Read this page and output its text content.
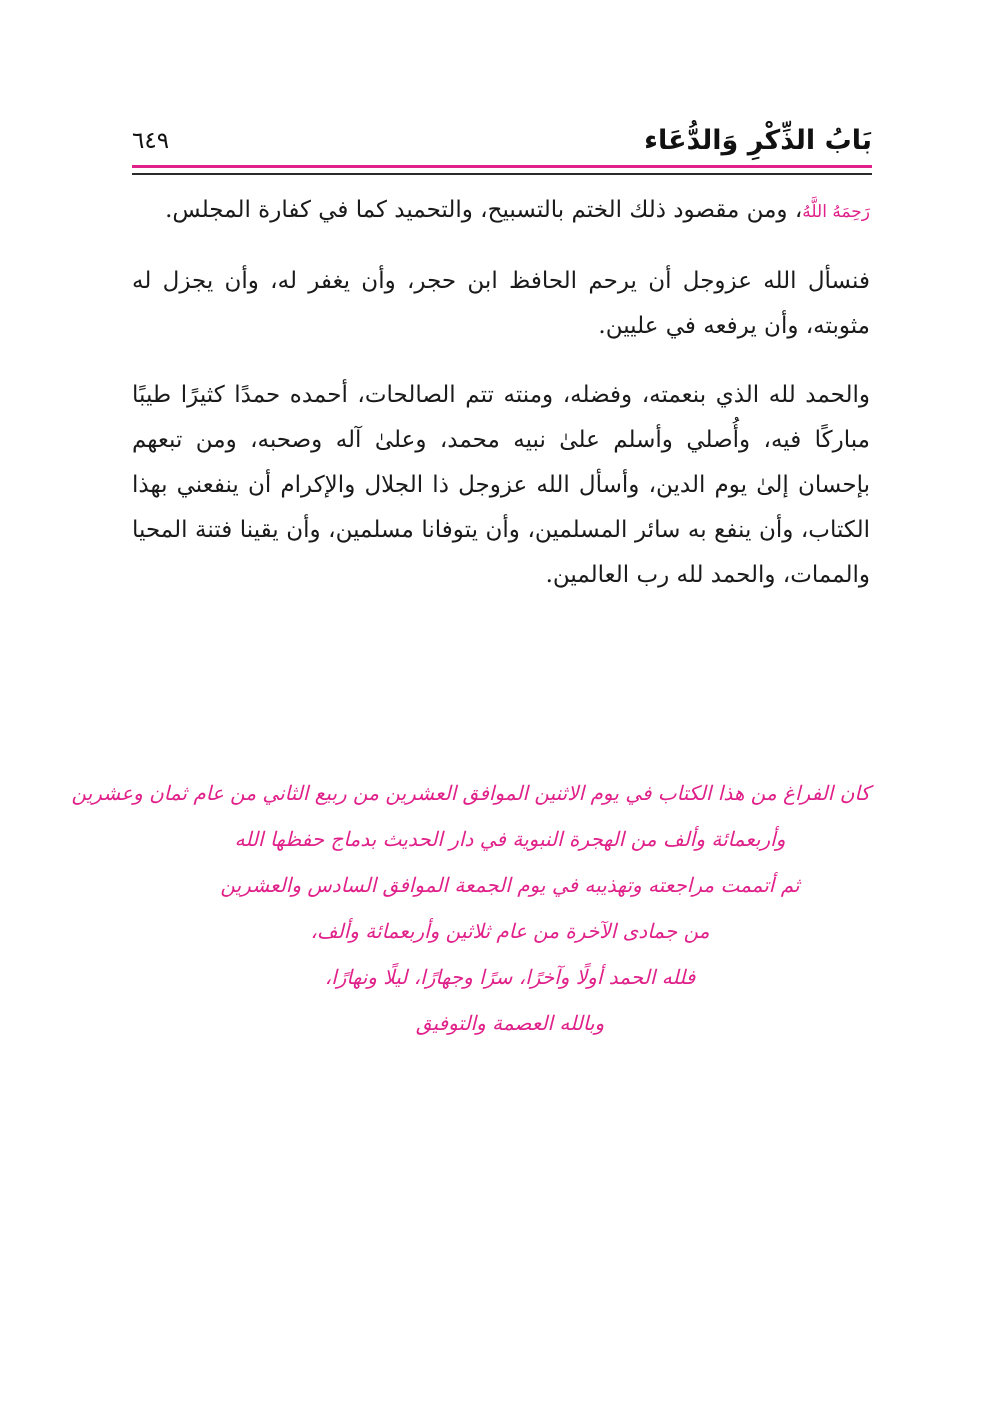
بَابُ الذِّكْرِ وَالدُّعَاء
٦٤٩

رَحِمَهُ اللَّهُ، ومن مقصود ذلك الختم بالتسبيح، والتحميد كما في كفارة المجلس.

فنسأل الله عزوجل أن يرحم الحافظ ابن حجر، وأن يغفر له، وأن يجزل له مثوبته، وأن يرفعه في عليين.

والحمد لله الذي بنعمته، وفضله، ومنته تتم الصالحات، أحمده حمدًا كثيرًا طيبًا مباركًا فيه، وأُصلي وأسلم علىٰ نبيه محمد، وعلىٰ آله وصحبه، ومن تبعهم بإحسان إلىٰ يوم الدين، وأسأل الله عزوجل ذا الجلال والإكرام أن ينفعني بهذا الكتاب، وأن ينفع به سائر المسلمين، وأن يتوفانا مسلمين، وأن يقينا فتنة المحيا والممات، والحمد لله رب العالمين.

كان الفراغ من هذا الكتاب في يوم الاثنين الموافق العشرين من ربيع الثاني من عام ثمان وعشرين
وأربعمائة وألف من الهجرة النبوية في دار الحديث بدماج حفظها الله
ثم أتممت مراجعته وتهذيبه في يوم الجمعة الموافق السادس والعشرين
من جمادى الآخرة من عام ثلاثين وأربعمائة وألف،
فلله الحمد أولًا وآخرًا، سرًا وجهارًا، ليلًا ونهارًا،
وبالله العصمة والتوفيق
